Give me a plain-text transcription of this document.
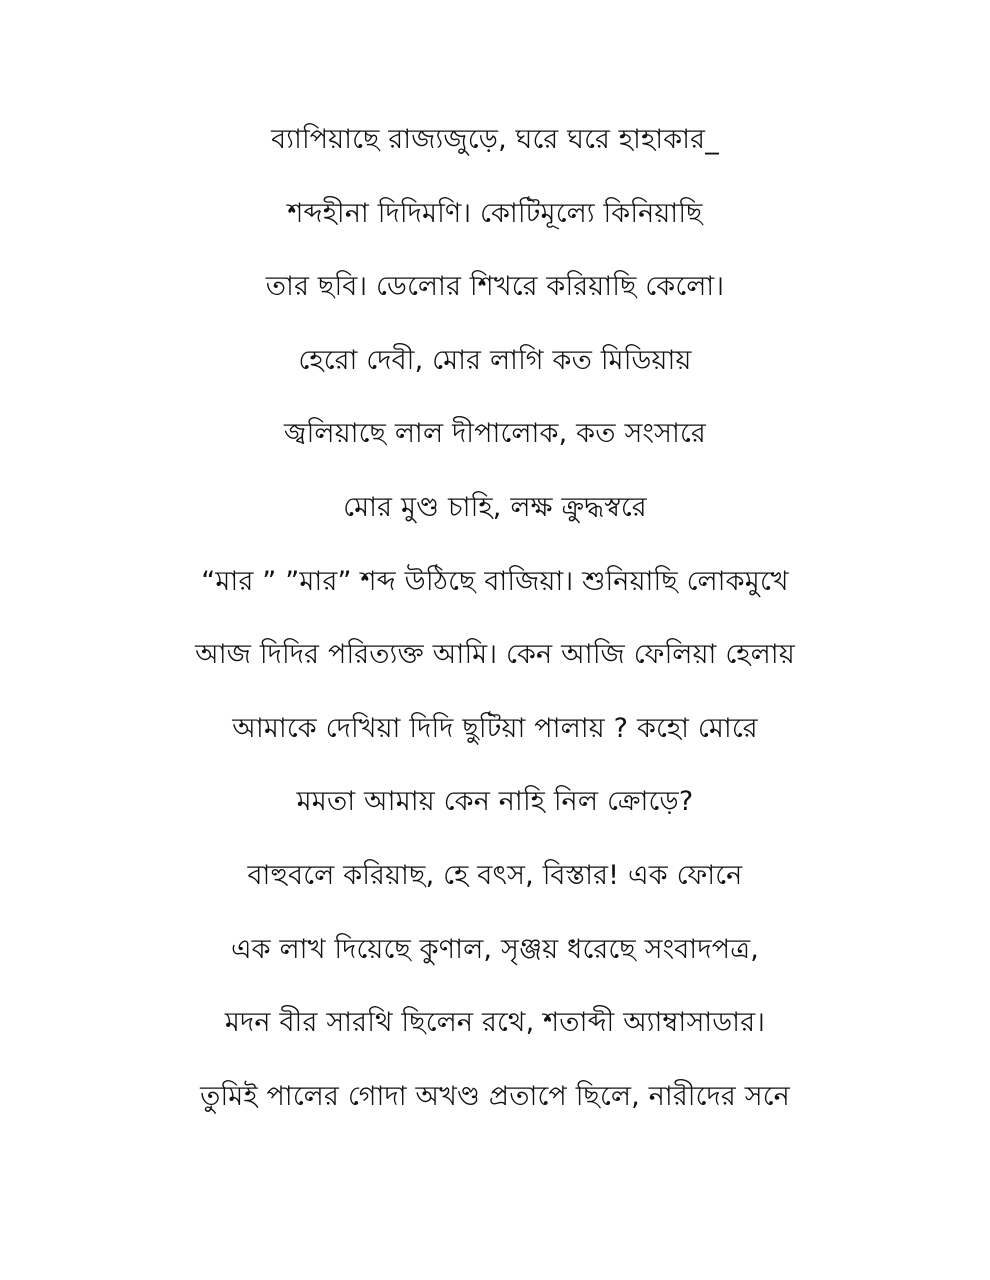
ব্যাপিয়াছে রাজ্যজুড়ে, ঘরে ঘরে হাহাকার_
শব্দহীনা দিদিমণি। কোটিমূল্যে কিনিয়াছি
তার ছবি। ডেলোর শিখরে করিয়াছি কেলো।
হেরো দেবী, মোর লাগি কত মিডিয়ায়
জ্বলিয়াছে লাল দীপালোক, কত সংসারে
মোর মুণ্ড চাহি, লক্ষ ক্রুদ্ধস্বরে
“মার ” ”মার” শব্দ উঠিছে বাজিয়া। শুনিয়াছি লোকমুখে
আজ দিদির পরিত্যক্ত আমি। কেন আজি ফেলিয়া হেলায়
আমাকে দেখিয়া দিদি ছুটিয়া পালায় ? কহো মোরে
মমতা আমায় কেন নাহি নিল ক্রোড়ে?
বাহুবলে করিয়াছ, হে বৎস, বিস্তার! এক ফোনে
এক লাখ দিয়েছে কুণাল, সৃঞ্জয় ধরেছে সংবাদপত্র,
মদন বীর সারথি ছিলেন রথে, শতাব্দী অ্যাম্বাসাডার।
তুমিই পালের গোদা অখণ্ড প্রতাপে ছিলে, নারীদের সনে
